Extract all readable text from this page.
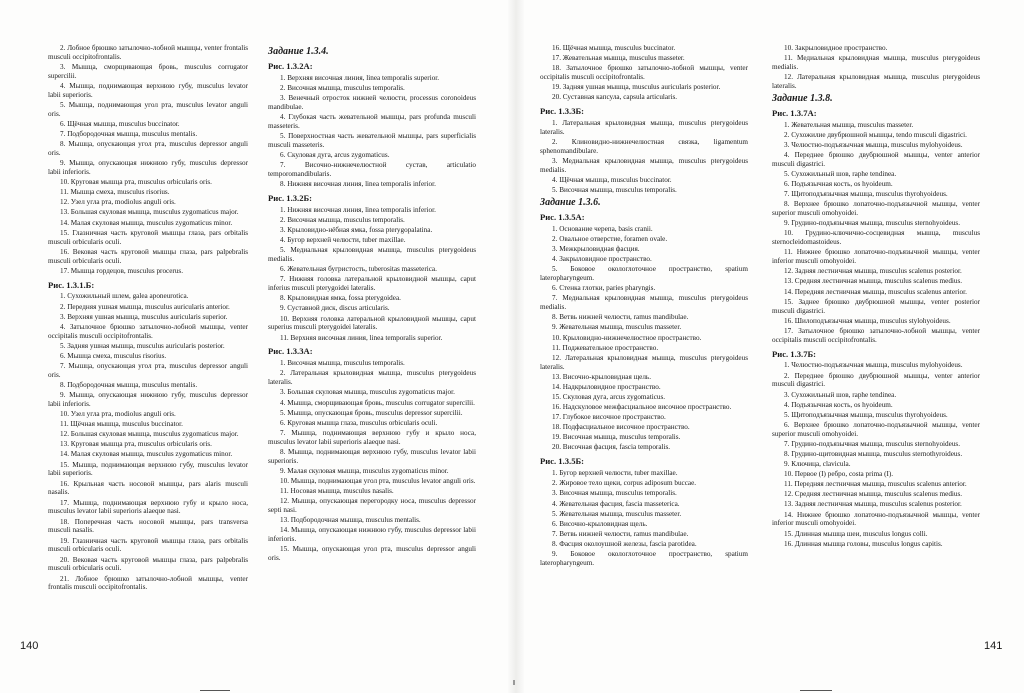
2. Лобное брюшко затылочно-лобной мышцы, venter frontalis musculi occipitofrontalis.

3. Мышца, сморщивающая бровь, musculus corrugator supercilii.

4. Мышца, поднимающая верхнюю губу, musculus levator labii superioris.

5. Мышца, поднимающая угол рта, musculus levator anguli oris.

6. Щёчная мышца, musculus buccinator.

7. Подбородочная мышца, musculus mentalis.

8. Мышца, опускающая угол рта, musculus depressor anguli oris.

9. Мышца, опускающая нижнюю губу, musculus depressor labii inferioris.

10. Круговая мышца рта, musculus orbicularis oris.

11. Мышца смеха, musculus risorius.

12. Узел угла рта, modiolus anguli oris.

13. Большая скуловая мышца, musculus zygomaticus major.

14. Малая скуловая мышца, musculus zygomaticus minor.

15. Глазничная часть круговой мышцы глаза, pars orbitalis musculi orbicularis oculi.

16. Вековая часть круговой мышцы глаза, pars palpebralis musculi orbicularis oculi.

17. Мышца гордецов, musculus procerus.

Рис. 1.3.1.Б:

1. Сухожильный шлем, galea aponeurotica.

2. Передняя ушная мышца, musculus auricularis anterior.

3. Верхняя ушная мышца, musculus auricularis superior.

4. Затылочное брюшко затылочно-лобной мышцы, venter occipitalis musculi occipitofrontalis.

5. Задняя ушная мышца, musculus auricularis posterior.

6. Мышца смеха, musculus risorius.

7. Мышца, опускающая угол рта, musculus depressor anguli oris.

8. Подбородочная мышца, musculus mentalis.

9. Мышца, опускающая нижнюю губу, musculus depressor labii inferioris.

10. Узел угла рта, modiolus anguli oris.

11. Щёчная мышца, musculus buccinator.

12. Большая скуловая мышца, musculus zygomaticus major.

13. Круговая мышца рта, musculus orbicularis oris.

14. Малая скуловая мышца, musculus zygomaticus minor.

15. Мышца, поднимающая верхнюю губу, musculus levator labii superioris.

16. Крыльная часть носовой мышцы, pars alaris musculi nasalis.

17. Мышца, поднимающая верхнюю губу и крыло носа, musculus levator labii superioris alaeque nasi.

18. Поперечная часть носовой мышцы, pars transversa musculi nasalis.

19. Глазничная часть круговой мышцы глаза, pars orbitalis musculi orbicularis oculi.

20. Вековая часть круговой мышцы глаза, pars palpebralis musculi orbicularis oculi.

21. Лобное брюшко затылочно-лобной мышцы, venter frontalis musculi occipitofrontalis.

Задание 1.3.4.
Рис. 1.3.2А:

1. Верхняя височная линия, linea temporalis superior.

2. Височная мышца, musculus temporalis.

3. Венечный отросток нижней челюсти, processus coronoideus mandibulae.

4. Глубокая часть жевательной мышцы, pars profunda musculi masseteris.

5. Поверхностная часть жевательной мышцы, pars superficialis musculi masseteris.

6. Скуловая дуга, arcus zygomaticus.

7. Височно-нижнечелюстной сустав, articulatio temporomandibularis.

8. Нижняя височная линия, linea temporalis inferior.

Рис. 1.3.2Б:

1. Нижняя височная линия, linea temporalis inferior.

2. Височная мышца, musculus temporalis.

3. Крыловидно-нёбная ямка, fossa pterygopalatina.

4. Бугор верхней челюсти, tuber maxillae.

5. Медиальная крыловидная мышца, musculus pterygoideus medialis.

6. Жевательная бугристость, tuberositas masseterica.

7. Нижняя головка латеральной крыловидной мышцы, caput inferius musculi pterygoidei lateralis.

8. Крыловидная ямка, fossa pterygoidea.

9. Суставной диск, discus articularis.

10. Верхняя головка латеральной крыловидной мышцы, caput superius musculi pterygoidei lateralis.

11. Верхняя височная линия, linea temporalis superior.

Рис. 1.3.3А:

1. Височная мышца, musculus temporalis.

2. Латеральная крыловидная мышца, musculus pterygoideus lateralis.

3. Большая скуловая мышца, musculus zygomaticus major.

4. Мышца, сморщивающая бровь, musculus corrugator supercilii.

5. Мышца, опускающая бровь, musculus depressor supercilii.

6. Круговая мышца глаза, musculus orbicularis oculi.

7. Мышца, поднимающая верхнюю губу и крыло носа, musculus levator labii superioris alaeque nasi.

8. Мышца, поднимающая верхнюю губу, musculus levator labii superioris.

9. Малая скуловая мышца, musculus zygomaticus minor.

10. Мышца, поднимающая угол рта, musculus levator anguli oris.

11. Носовая мышца, musculus nasalis.

12. Мышца, опускающая перегородку носа, musculus depressor septi nasi.

13. Подбородочная мышца, musculus mentalis.

14. Мышца, опускающая нижнюю губу, musculus depressor labii inferioris.

15. Мышца, опускающая угол рта, musculus depressor anguli oris.

16. Щёчная мышца, musculus buccinator.

17. Жевательная мышца, musculus masseter.

18. Затылочное брюшко затылочно-лобной мышцы, venter occipitalis musculi occipitofrontalis.

19. Задняя ушная мышца, musculus auricularis posterior.

20. Суставная капсула, capsula articularis.

Рис. 1.3.3Б:

1. Латеральная крыловидная мышца, musculus pterygoideus lateralis.

2. Клиновидно-нижнечелюстная связка, ligamentum sphenomandibulare.

3. Медиальная крыловидная мышца, musculus pterygoideus medialis.

4. Щёчная мышца, musculus buccinator.

5. Височная мышца, musculus temporalis.

Задание 1.3.6.
Рис. 1.3.5А:

1. Основание черепа, basis cranii.

2. Овальное отверстие, foramen ovale.

3. Межкрыловидная фасция.

4. Закрыловидное пространство.

5. Боковое окологлоточное пространство, spatium lateropharyngeum.

6. Стенка глотки, paries pharyngis.

7. Медиальная крыловидная мышца, musculus pterygoideus medialis.

8. Ветвь нижней челюсти, ramus mandibulae.

9. Жевательная мышца, musculus masseter.

10. Крыловидно-нижнечелюстное пространство.

11. Поджевательное пространство.

12. Латеральная крыловидная мышца, musculus pterygoideus lateralis.

13. Височно-крыловидная щель.

14. Надкрыловидное пространство.

15. Скуловая дуга, arcus zygomaticus.

16. Надскуловое межфасциальное височное пространство.

17. Глубокое височное пространство.

18. Подфасциальное височное пространство.

19. Височная мышца, musculus temporalis.

20. Височная фасция, fascia temporalis.

Рис. 1.3.5Б:

1. Бугор верхней челюсти, tuber maxillae.

2. Жировое тело щеки, corpus adiposum buccae.

3. Височная мышца, musculus temporalis.

4. Жевательная фасция, fascia masseterica.

5. Жевательная мышца, musculus masseter.

6. Височно-крыловидная щель.

7. Ветвь нижней челюсти, ramus mandibulae.

8. Фасция околоушной железы, fascia parotidea.

9. Боковое окологлоточное пространство, spatium lateropharyngeum.

10. Закрыловидное пространство.

11. Медиальная крыловидная мышца, musculus pterygoideus medialis.

12. Латеральная крыловидная мышца, musculus pterygoideus lateralis.

Задание 1.3.8.
Рис. 1.3.7А:

1. Жевательная мышца, musculus masseter.

2. Сухожилие двубрюшной мышцы, tendo musculi digastrici.

3. Челюстно-подъязычная мышца, musculus mylohyoideus.

4. Переднее брюшко двубрюшной мышцы, venter anterior musculi digastrici.

5. Сухожильный шов, raphe tendinea.

6. Подъязычная кость, os hyoideum.

7. Щитоподъязычная мышца, musculus thyrohyoideus.

8. Верхнее брюшко лопаточно-подъязычной мышцы, venter superior musculi omohyoidei.

9. Грудино-подъязычная мышца, musculus sternohyoideus.

10. Грудино-ключично-сосцевидная мышца, musculus sternocleidomastoideus.

11. Нижнее брюшко лопаточно-подъязычной мышцы, venter inferior musculi omohyoidei.

12. Задняя лестничная мышца, musculus scalenus posterior.

13. Средняя лестничная мышца, musculus scalenus medius.

14. Передняя лестничная мышца, musculus scalenus anterior.

15. Заднее брюшко двубрюшной мышцы, venter posterior musculi digastrici.

16. Шилоподъязычная мышца, musculus stylohyoideus.

17. Затылочное брюшко затылочно-лобной мышцы, venter occipitalis musculi occipitofrontalis.

Рис. 1.3.7Б:

1. Челюстно-подъязычная мышца, musculus mylohyoideus.

2. Переднее брюшко двубрюшной мышцы, venter anterior musculi digastrici.

3. Сухожильный шов, raphe tendinea.

4. Подъязычная кость, os hyoideum.

5. Щитоподъязычная мышца, musculus thyrohyoideus.

6. Верхнее брюшко лопаточно-подъязычной мышцы, venter superior musculi omohyoidei.

7. Грудино-подъязычная мышца, musculus sternohyoideus.

8. Грудино-щитовидная мышца, musculus sternothyroideus.

9. Ключица, clavicula.

10. Первое (I) ребро, costa prima (I).

11. Передняя лестничная мышца, musculus scalenus anterior.

12. Средняя лестничная мышца, musculus scalenus medius.

13. Задняя лестничная мышца, musculus scalenus posterior.

14. Нижнее брюшко лопаточно-подъязычной мышцы, venter inferior musculi omohyoidei.

15. Длинная мышца шеи, musculus longus colli.

16. Длинная мышца головы, musculus longus capitis.

140	141
